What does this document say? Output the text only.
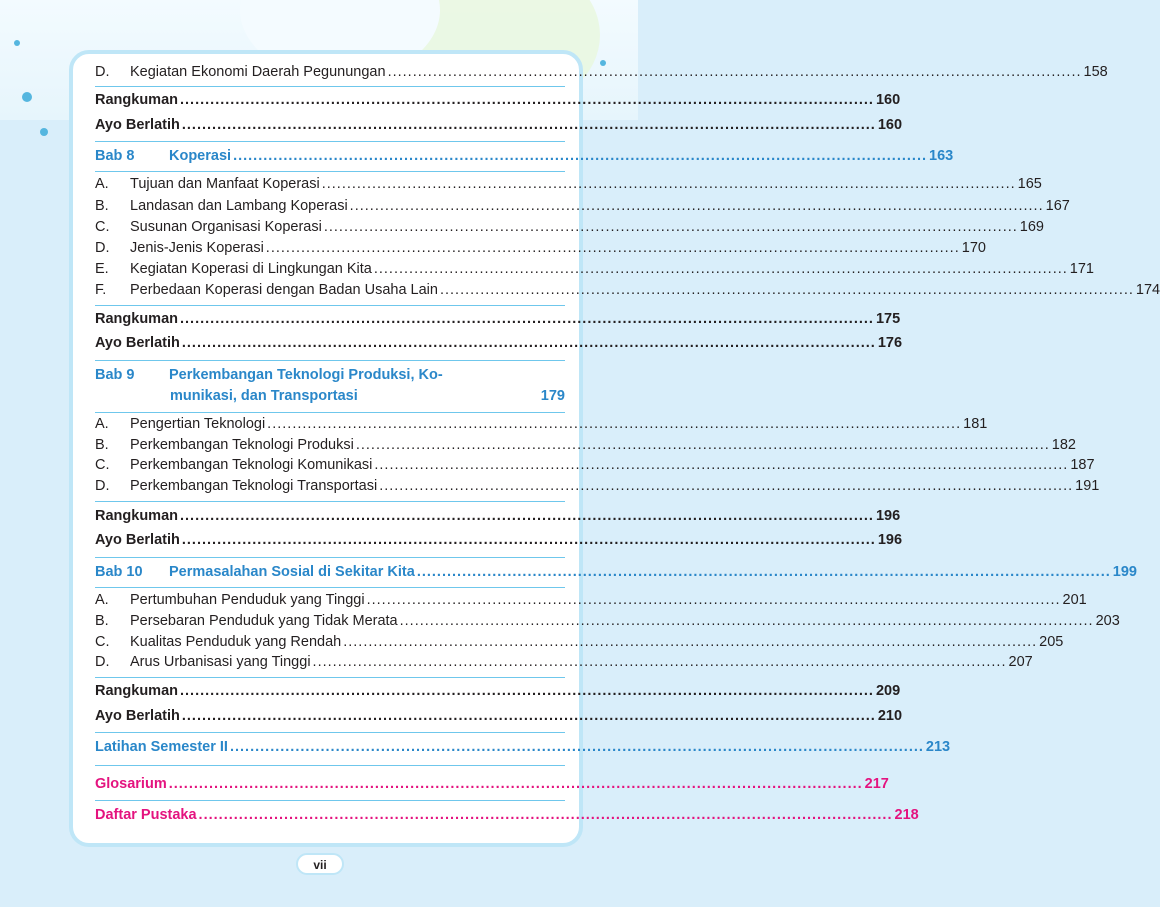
D.	Kegiatan Ekonomi Daerah Pegunungan .....	158
Rangkuman .....	160
Ayo Berlatih .....	160
Bab 8	Koperasi .....	163
A.	Tujuan dan Manfaat Koperasi .....	165
B.	Landasan dan Lambang Koperasi .....	167
C.	Susunan Organisasi Koperasi .....	169
D.	Jenis-Jenis Koperasi .....	170
E.	Kegiatan Koperasi di Lingkungan Kita .....	171
F.	Perbedaan Koperasi dengan Badan Usaha Lain .....	174
Rangkuman .....	175
Ayo Berlatih .....	176
Bab 9	Perkembangan Teknologi Produksi, Ko-
munikasi, dan Transportasi	179
A.	Pengertian Teknologi .....	181
B.	Perkembangan Teknologi Produksi .....	182
C.	Perkembangan Teknologi Komunikasi .....	187
D.	Perkembangan Teknologi Transportasi .....	191
Rangkuman .....	196
Ayo Berlatih .....	196
Bab 10	Permasalahan Sosial di Sekitar Kita .....	199
A.	Pertumbuhan Penduduk yang Tinggi .....	201
B.	Persebaran Penduduk yang Tidak Merata .....	203
C.	Kualitas Penduduk yang Rendah .....	205
D.	Arus Urbanisasi yang Tinggi .....	207
Rangkuman .....	209
Ayo Berlatih .....	210
Latihan Semester II .....	213
Glosarium .....	217
Daftar Pustaka .....	218
vii
